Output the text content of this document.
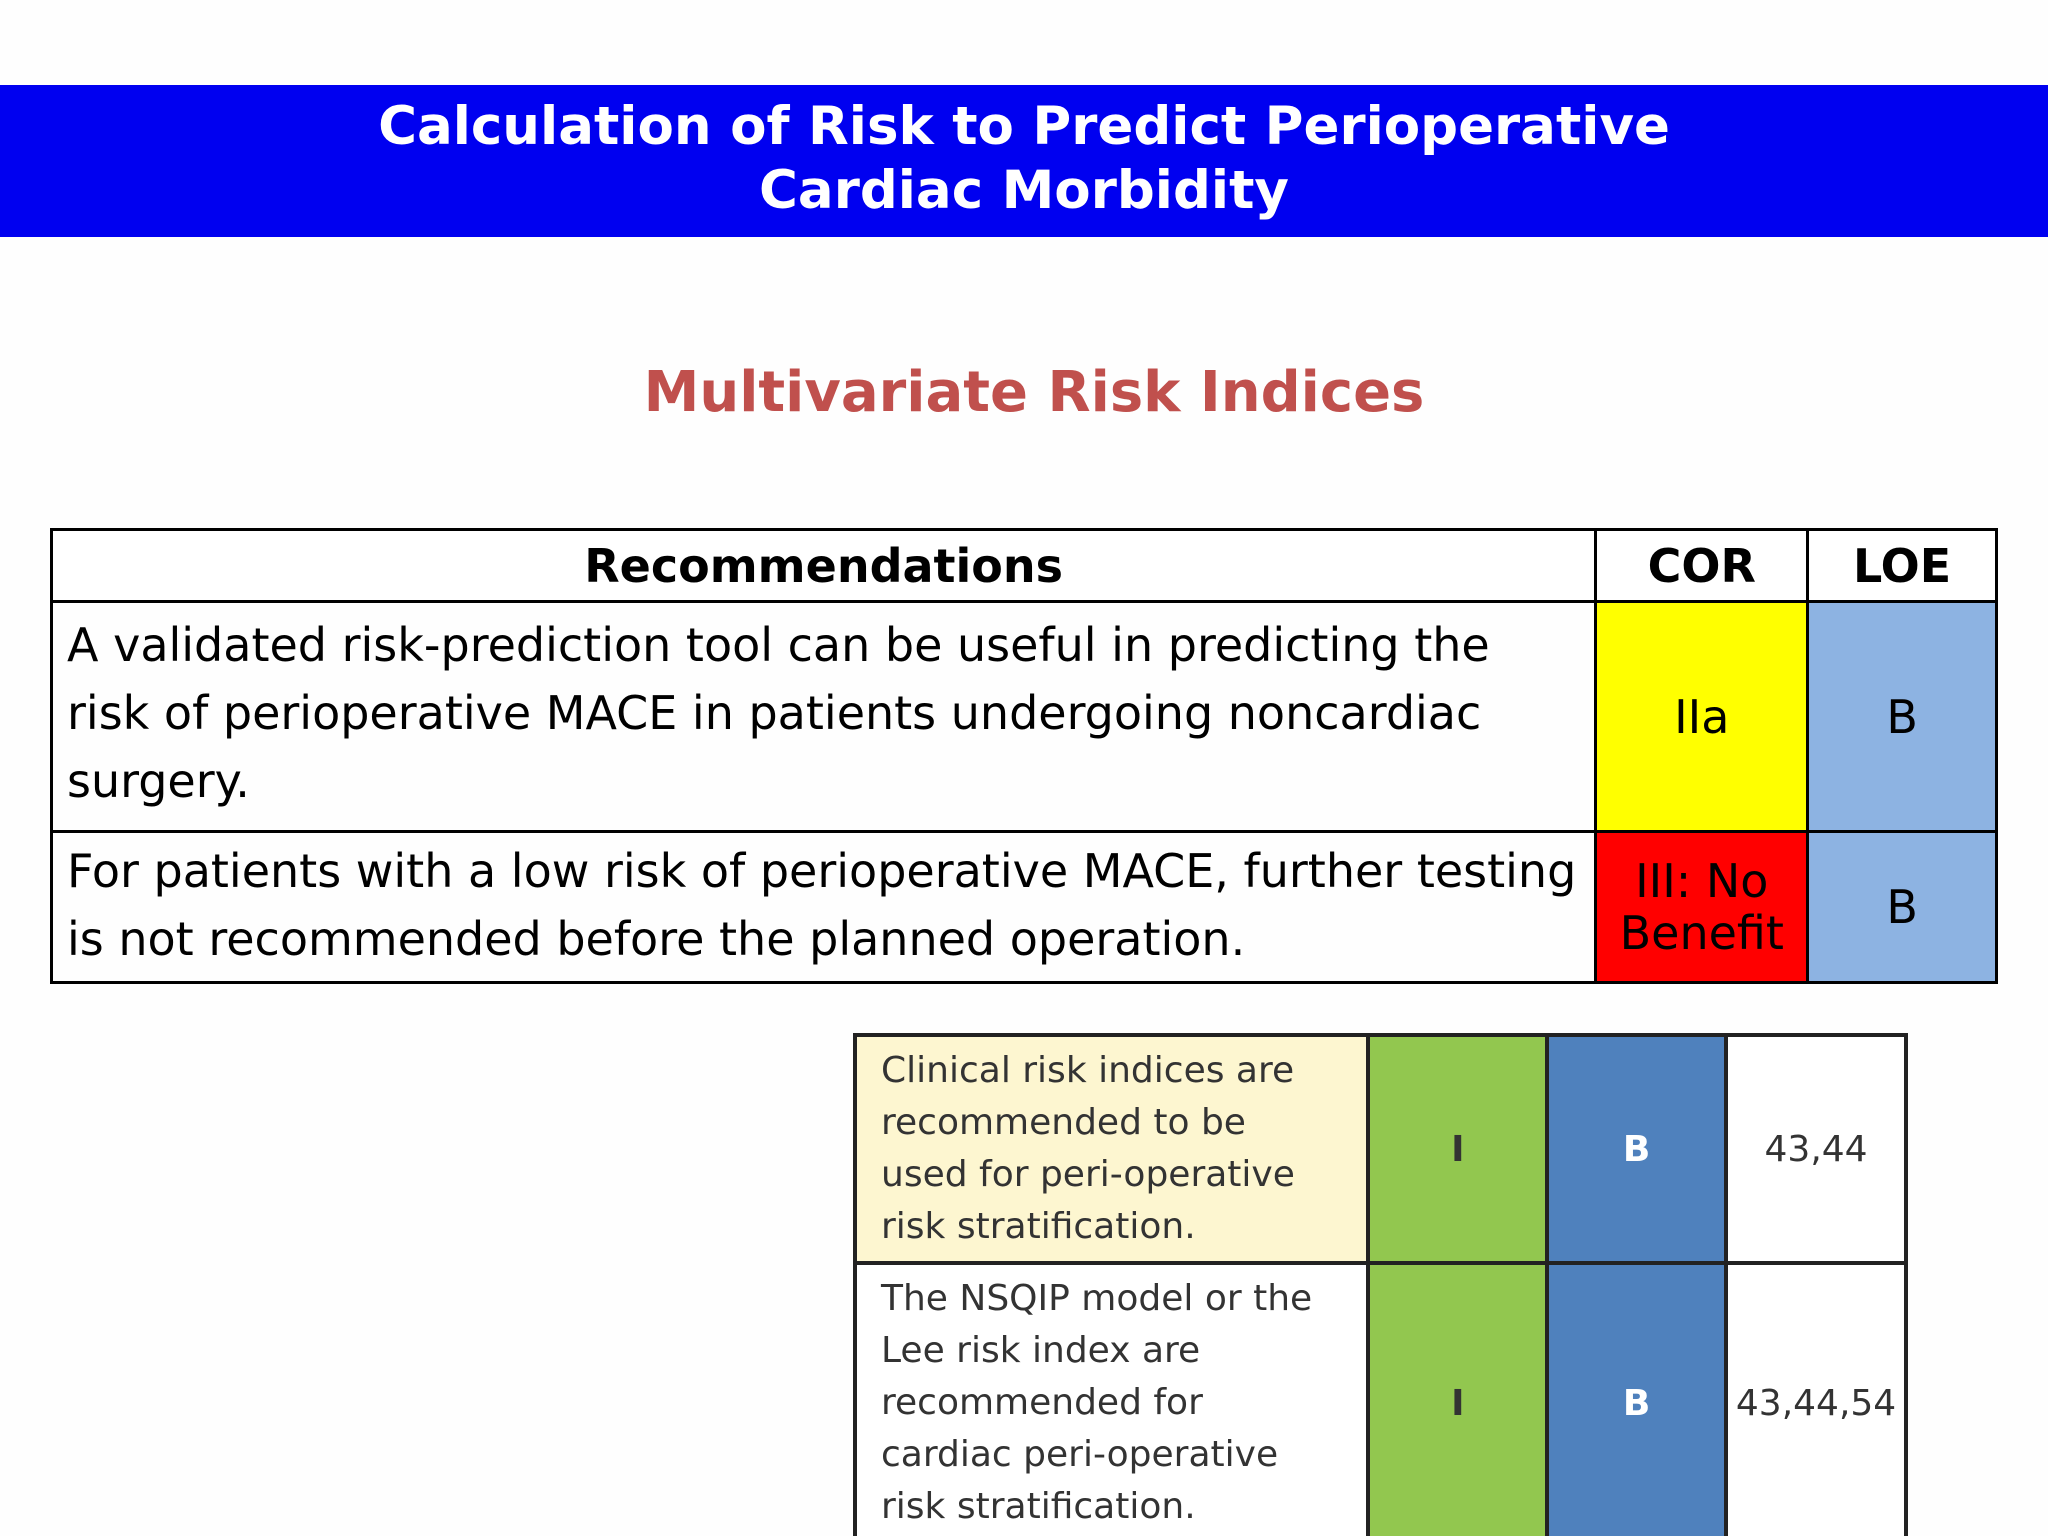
Calculation of Risk to Predict Perioperative
Cardiac Morbidity
Multivariate Risk Indices
Recommendations	COR	LOE
A validated risk-prediction tool can be useful in predicting the risk of perioperative MACE in patients undergoing noncardiac surgery.	IIa	B
For patients with a low risk of perioperative MACE, further testing is not recommended before the planned operation.	III: No Benefit	B
Clinical risk indices are recommended to be used for peri-operative risk stratification.	I	B	43,44
The NSQIP model or the Lee risk index are recommended for cardiac peri-operative risk stratification.	I	B	43,44,54
